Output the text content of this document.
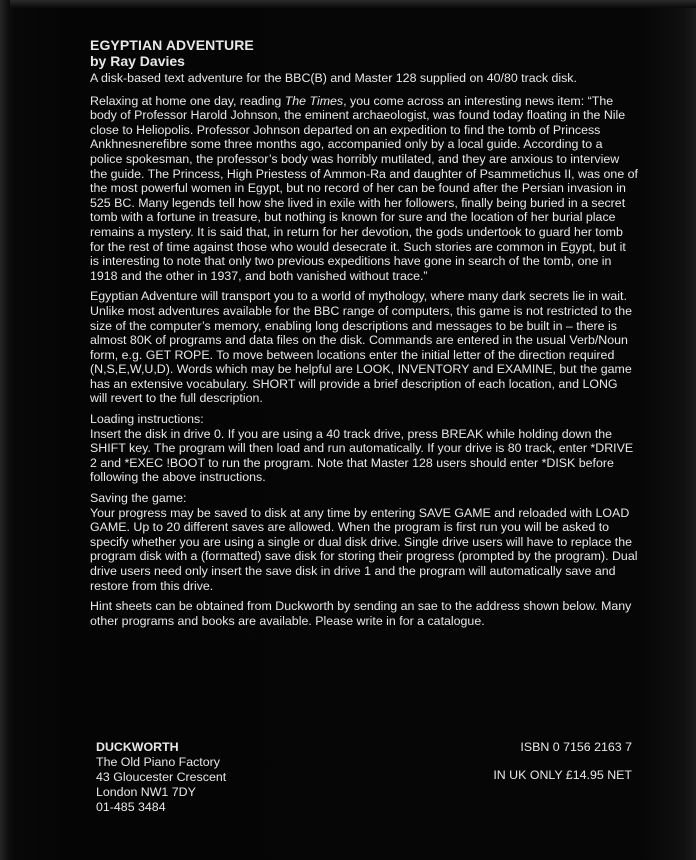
EGYPTIAN ADVENTURE
by Ray Davies

A disk-based text adventure for the BBC(B) and Master 128 supplied on 40/80 track disk.

Relaxing at home one day, reading The Times, you come across an interesting news item: “The body of Professor Harold Johnson, the eminent archaeologist, was found today floating in the Nile close to Heliopolis. Professor Johnson departed on an expedition to find the tomb of Princess Ankhnesnerefibre some three months ago, accompanied only by a local guide. According to a police spokesman, the professor’s body was horribly mutilated, and they are anxious to interview the guide. The Princess, High Priestess of Ammon-Ra and daughter of Psammetichus II, was one of the most powerful women in Egypt, but no record of her can be found after the Persian invasion in 525 BC. Many legends tell how she lived in exile with her followers, finally being buried in a secret tomb with a fortune in treasure, but nothing is known for sure and the location of her burial place remains a mystery. It is said that, in return for her devotion, the gods undertook to guard her tomb for the rest of time against those who would desecrate it. Such stories are common in Egypt, but it is interesting to note that only two previous expeditions have gone in search of the tomb, one in 1918 and the other in 1937, and both vanished without trace.”

Egyptian Adventure will transport you to a world of mythology, where many dark secrets lie in wait. Unlike most adventures available for the BBC range of computers, this game is not restricted to the size of the computer’s memory, enabling long descriptions and messages to be built in – there is almost 80K of programs and data files on the disk. Commands are entered in the usual Verb/Noun form, e.g. GET ROPE. To move between locations enter the initial letter of the direction required (N,S,E,W,U,D). Words which may be helpful are LOOK, INVENTORY and EXAMINE, but the game has an extensive vocabulary. SHORT will provide a brief description of each location, and LONG will revert to the full description.

Loading instructions:

Insert the disk in drive 0. If you are using a 40 track drive, press BREAK while holding down the SHIFT key. The program will then load and run automatically. If your drive is 80 track, enter *DRIVE 2 and *EXEC !BOOT to run the program. Note that Master 128 users should enter *DISK before following the above instructions.

Saving the game:

Your progress may be saved to disk at any time by entering SAVE GAME and reloaded with LOAD GAME. Up to 20 different saves are allowed. When the program is first run you will be asked to specify whether you are using a single or dual disk drive. Single drive users will have to replace the program disk with a (formatted) save disk for storing their progress (prompted by the program). Dual drive users need only insert the save disk in drive 1 and the program will automatically save and restore from this drive.

Hint sheets can be obtained from Duckworth by sending an sae to the address shown below. Many other programs and books are available. Please write in for a catalogue.

DUCKWORTH
The Old Piano Factory
43 Gloucester Crescent
London NW1 7DY
01-485 3484
ISBN 0 7156 2163 7
IN UK ONLY £14.95 NET
